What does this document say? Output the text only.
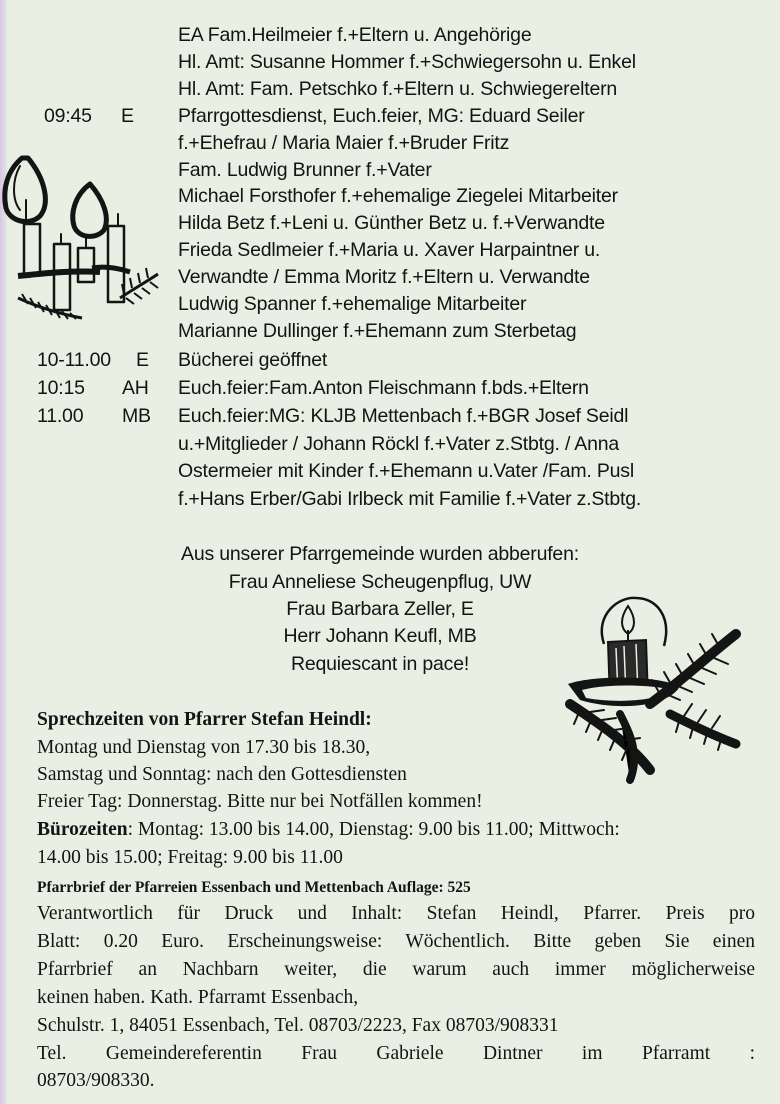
EA Fam.Heilmeier f.+Eltern u. Angehörige
Hl. Amt: Susanne Hommer f.+Schwiegersohn u. Enkel
Hl. Amt: Fam. Petschko f.+Eltern u. Schwiegereltern
09:45	E Pfarrgottesdienst, Euch.feier, MG: Eduard Seiler
f.+Ehefrau / Maria Maier f.+Bruder Fritz
Fam. Ludwig Brunner f.+Vater
Michael Forsthofer f.+ehemalige Ziegelei Mitarbeiter
Hilda Betz f.+Leni u. Günther Betz u. f.+Verwandte
Frieda Sedlmeier f.+Maria u. Xaver Harpaintner u.
Verwandte / Emma Moritz f.+Eltern u. Verwandte
Ludwig Spanner f.+ehemalige Mitarbeiter
Marianne Dullinger f.+Ehemann zum Sterbetag
10-11.00	E Bücherei geöffnet
10:15	AH Euch.feier:Fam.Anton Fleischmann f.bds.+Eltern
11.00	MB Euch.feier:MG: KLJB Mettenbach f.+BGR Josef Seidl
u.+Mitglieder / Johann Röckl f.+Vater z.Stbtg. / Anna
Ostermeier mit Kinder f.+Ehemann u.Vater /Fam. Pusl
f.+Hans Erber/Gabi Irlbeck mit Familie f.+Vater z.Stbtg.
Aus unserer Pfarrgemeinde wurden abberufen:
Frau Anneliese Scheugenpflug, UW
Frau Barbara Zeller, E
Herr Johann Keufl, MB
Requiescant in pace!
Sprechzeiten von Pfarrer Stefan Heindl:
Montag und Dienstag von 17.30 bis 18.30,
Samstag und Sonntag: nach den Gottesdiensten
Freier Tag: Donnerstag. Bitte nur bei Notfällen kommen!
Bürozeiten: Montag: 13.00 bis 14.00, Dienstag: 9.00 bis 11.00; Mittwoch:
14.00 bis 15.00; Freitag: 9.00 bis 11.00
Pfarrbrief der Pfarreien Essenbach und Mettenbach Auflage: 525
Verantwortlich für Druck und Inhalt: Stefan Heindl, Pfarrer. Preis pro
Blatt: 0.20 Euro. Erscheinungsweise: Wöchentlich. Bitte geben Sie einen
Pfarrbrief an Nachbarn weiter, die warum auch immer möglicherweise
keinen haben. Kath. Pfarramt Essenbach,
Schulstr. 1, 84051 Essenbach, Tel. 08703/2223, Fax 08703/908331
Tel. Gemeindereferentin Frau Gabriele Dintner im Pfarramt :
08703/908330.
